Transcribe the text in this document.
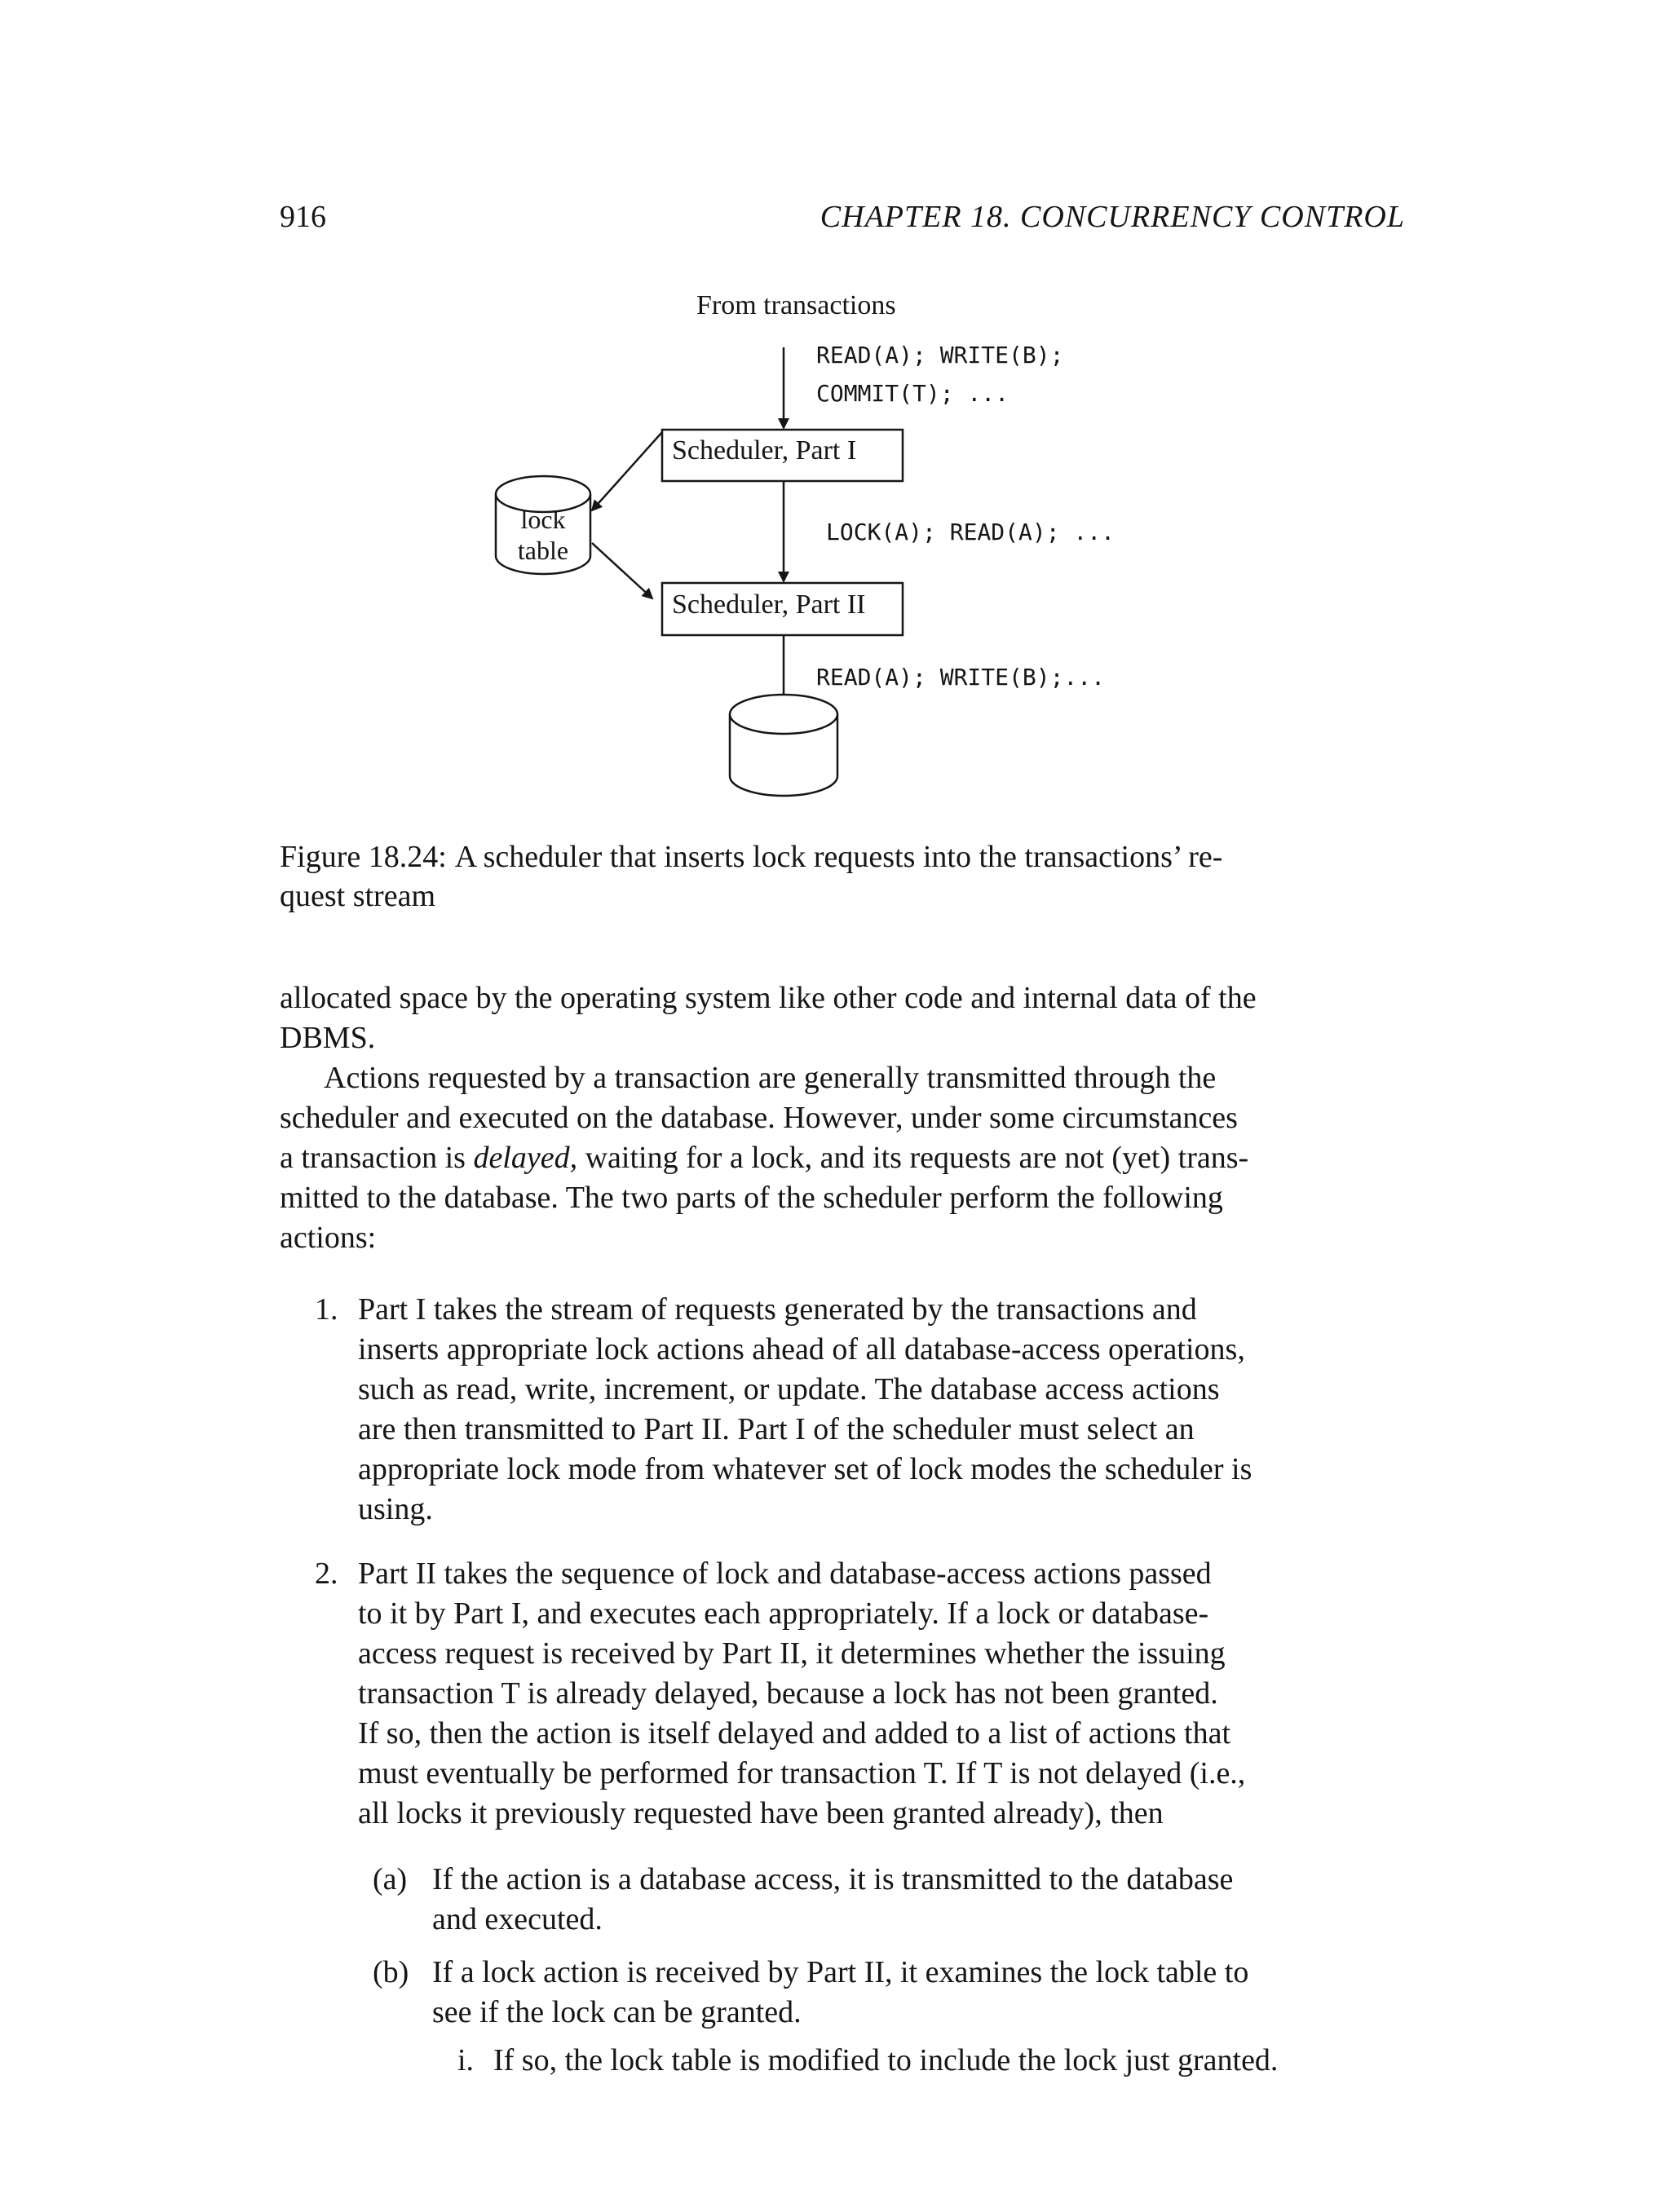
916	CHAPTER 18. CONCURRENCY CONTROL
From transactions
READ(A); WRITE(B);
COMMIT(T); ...
Scheduler, Part I
lock
table
LOCK(A); READ(A); ...
Scheduler, Part II
READ(A); WRITE(B);...
Figure 18.24: A scheduler that inserts lock requests into the transactions’ re-
quest stream

allocated space by the operating system like other code and internal data of the
DBMS.

Actions requested by a transaction are generally transmitted through the
scheduler and executed on the database. However, under some circumstances
a transaction is delayed, waiting for a lock, and its requests are not (yet) trans-
mitted to the database. The two parts of the scheduler perform the following
actions:

1. Part I takes the stream of requests generated by the transactions and
inserts appropriate lock actions ahead of all database-access operations,
such as read, write, increment, or update. The database access actions
are then transmitted to Part II. Part I of the scheduler must select an
appropriate lock mode from whatever set of lock modes the scheduler is
using.
2. Part II takes the sequence of lock and database-access actions passed
to it by Part I, and executes each appropriately. If a lock or database-
access request is received by Part II, it determines whether the issuing
transaction T is already delayed, because a lock has not been granted.
If so, then the action is itself delayed and added to a list of actions that
must eventually be performed for transaction T. If T is not delayed (i.e.,
all locks it previously requested have been granted already), then
(a) If the action is a database access, it is transmitted to the database
and executed.
(b) If a lock action is received by Part II, it examines the lock table to
see if the lock can be granted.
i. If so, the lock table is modified to include the lock just granted.
